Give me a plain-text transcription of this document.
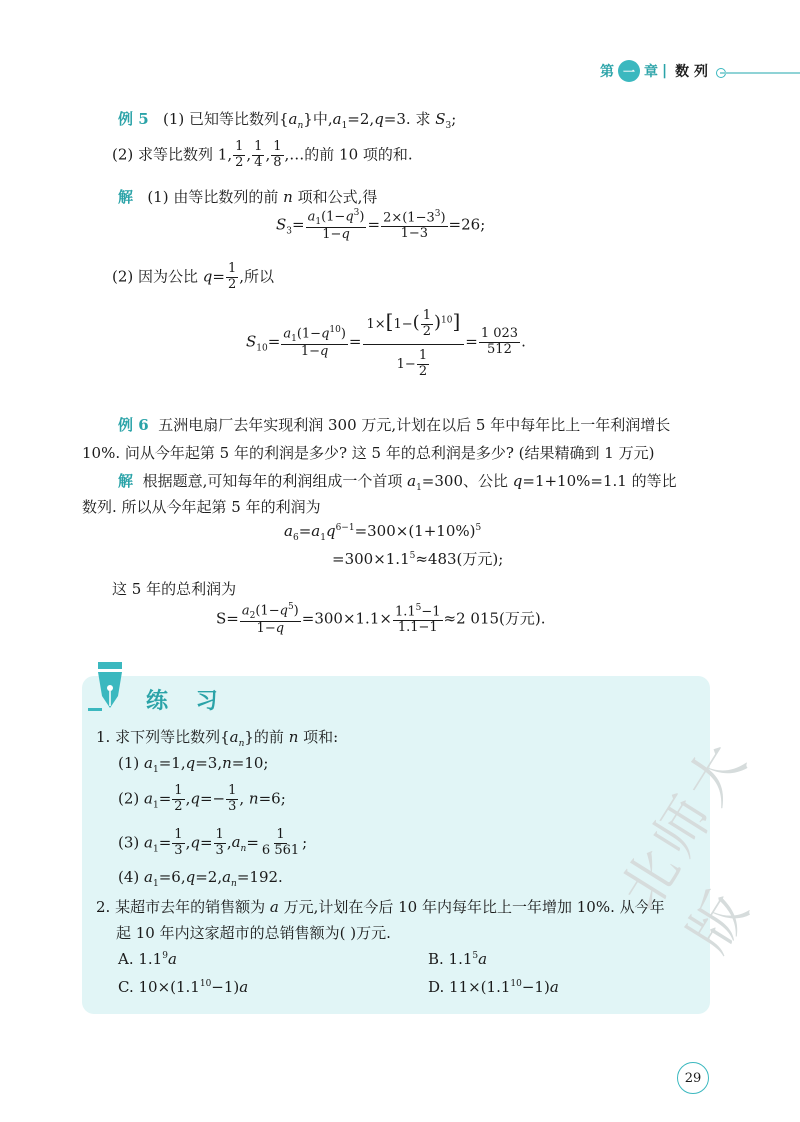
第 一 章 | 数 列
例 5 (1) 已知等比数列$\{a_n\}$中$,a_1=2,q=3$. 求 $S_3$;
(2) 求等比数列 1, $\frac{1}{2}$ , $\frac{1}{4}$ , $\frac{1}{8}$ ,…的前 10 项的和.
解 (1) 由等比数列的前 n 项和公式,得
$S_3= \frac{a_1(1-q^3)}{1-q} = \frac{2\times(1-3^3)}{1-3} =26$;
(2) 因为公比 $q= \frac{1}{2}$ ,所以
$S_{10}= \frac{a_1(1-q^{10})}{1-q} = \frac{1\times[1-( \frac{1}{2} )^{10}]}{1- \frac{1}{2}} = \frac{1 023}{512}$ .
例 6 五洲电扇厂去年实现利润 300 万元,计划在以后 5 年中每年比上一年利润增长
10%. 问从今年起第 5 年的利润是多少? 这 5 年的总利润是多少? (结果精确到 1 万元)
解 根据题意,可知每年的利润组成一个首项 $a_1=300$、公比 q=1+10%=1.1 的等比
数列. 所以从今年起第 5 年的利润为
$a_6=a_1q^{6-1}=300\times(1+10\%)^5$
$=300\times 1.1^5\approx 483$(万元);
这 5 年的总利润为
$S= \frac{a_2(1-q^5)}{1-q} =300\times 1.1\times \frac{1.1^5-1}{1.1-1} \approx 2$ 015(万元).
练 习
1. 求下列等比数列$\{a_n\}$的前 n 项和:
(1) $a_1=1,q=3,n=10$;
(2) $a_1= \frac{1}{2} ,q=- \frac{1}{3}$ , n=6;
(3) $a_1= \frac{1}{3} ,q= \frac{1}{3} ,a_n= \frac{1}{6 561}$ ;
(4) $a_1=6,q=2,a_n=192$.
2. 某超市去年的销售额为 a 万元,计划在今后 10 年内每年比上一年增加 10%. 从今年
起 10 年内这家超市的总销售额为( )万元.
A. $1.1^9a$	B. $1.1^5a$
C. $10\times(1.1^{10}-1)a$	D. $11\times(1.1^{10}-1)a$
北师大版
29
